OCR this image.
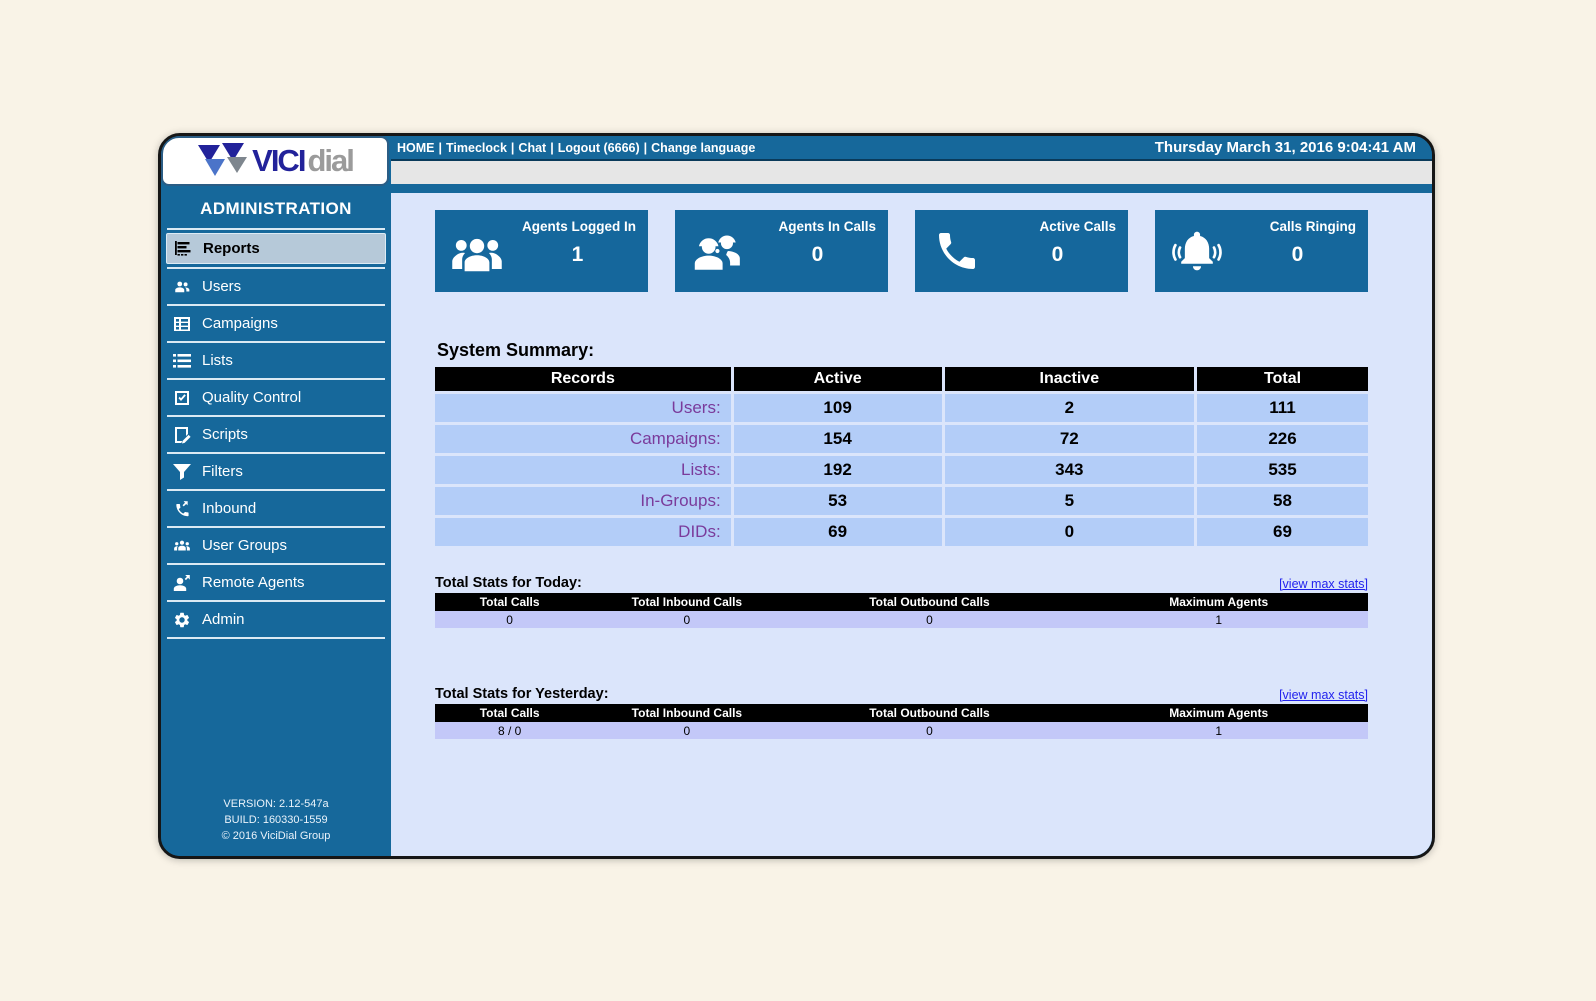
VICI dial
ADMINISTRATION
Reports
Users
Campaigns
Lists
Quality Control
Scripts
Filters
Inbound
User Groups
Remote Agents
Admin
VERSION: 2.12-547a
BUILD: 160330-1559
© 2016 ViciDial Group
HOME | Timeclock | Chat | Logout (6666) | Change language	Thursday March 31, 2016 9:04:41 AM
Agents Logged In
1
Agents In Calls
0
Active Calls
0
Calls Ringing
0
System Summary:
Records	Active	Inactive	Total
Users:	109	2	111
Campaigns:	154	72	226
Lists:	192	343	535
In-Groups:	53	5	58
DIDs:	69	0	69
Total Stats for Today:	[view max stats]
Total Calls	Total Inbound Calls	Total Outbound Calls	Maximum Agents
0	0	0	1
Total Stats for Yesterday:	[view max stats]
Total Calls	Total Inbound Calls	Total Outbound Calls	Maximum Agents
8 / 0	0	0	1
